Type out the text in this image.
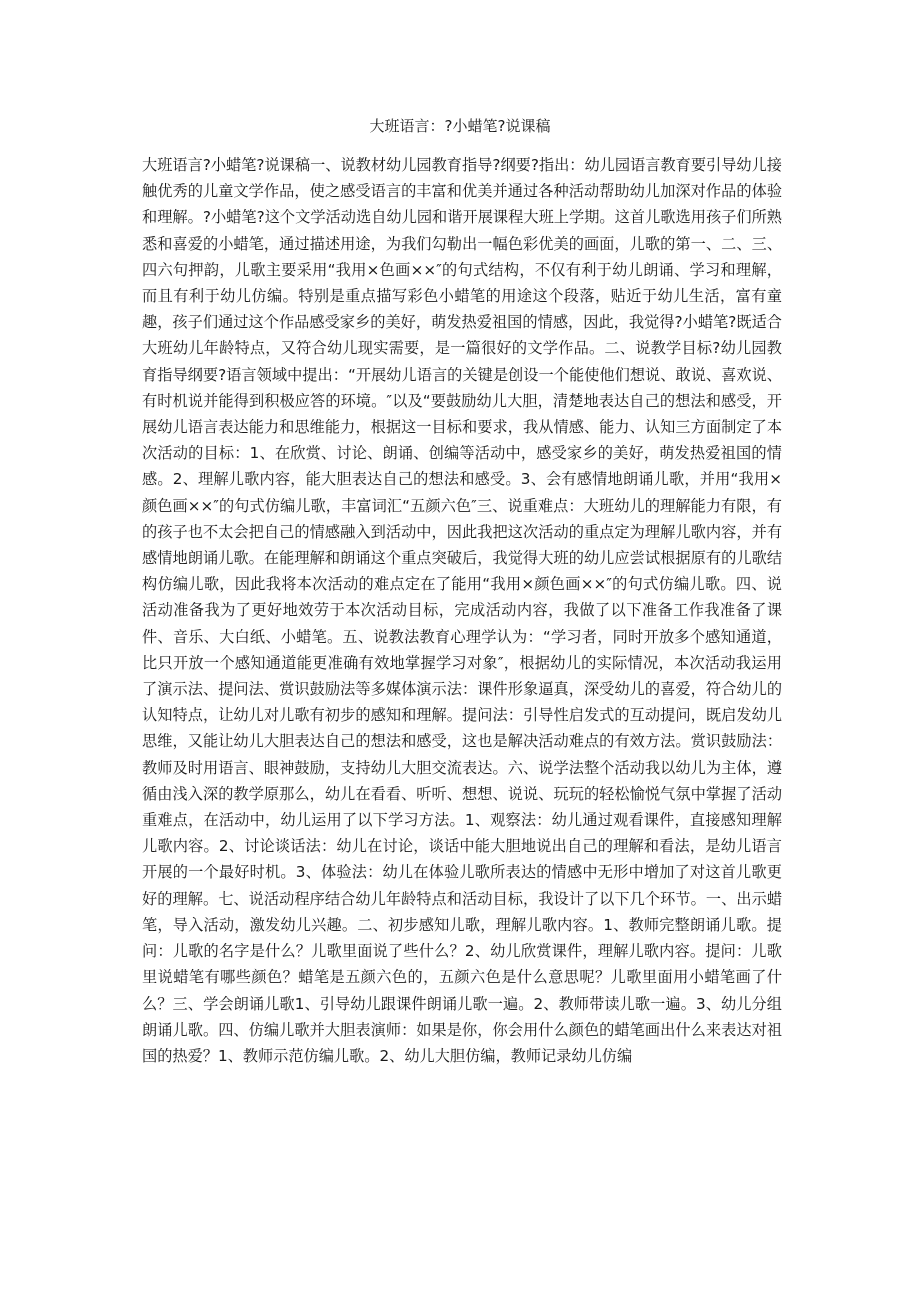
大班语言：?小蜡笔?说课稿

大班语言?小蜡笔?说课稿一、说教材幼儿园教育指导?纲要?指出：幼儿园语言教育要引导幼儿接触优秀的儿童文学作品，使之感受语言的丰富和优美并通过各种活动帮助幼儿加深对作品的体验和理解。?小蜡笔?这个文学活动选自幼儿园和谐开展课程大班上学期。这首儿歌选用孩子们所熟悉和喜爱的小蜡笔，通过描述用途，为我们勾勒出一幅色彩优美的画面，儿歌的第一、二、三、四六句押韵，儿歌主要采用“我用×色画××″的句式结构，不仅有利于幼儿朗诵、学习和理解，而且有利于幼儿仿编。特别是重点描写彩色小蜡笔的用途这个段落，贴近于幼儿生活，富有童趣，孩子们通过这个作品感受家乡的美好，萌发热爱祖国的情感，因此，我觉得?小蜡笔?既适合大班幼儿年龄特点，又符合幼儿现实需要，是一篇很好的文学作品。二、说教学目标?幼儿园教育指导纲要?语言领域中提出：“开展幼儿语言的关键是创设一个能使他们想说、敢说、喜欢说、有时机说并能得到积极应答的环境。″以及“要鼓励幼儿大胆，清楚地表达自己的想法和感受，开展幼儿语言表达能力和思维能力，根据这一目标和要求，我从情感、能力、认知三方面制定了本次活动的目标：1、在欣赏、讨论、朗诵、创编等活动中，感受家乡的美好，萌发热爱祖国的情感。2、理解儿歌内容，能大胆表达自己的想法和感受。3、会有感情地朗诵儿歌，并用“我用×颜色画××″的句式仿编儿歌，丰富词汇“五颜六色″三、说重难点：大班幼儿的理解能力有限，有的孩子也不太会把自己的情感融入到活动中，因此我把这次活动的重点定为理解儿歌内容，并有感情地朗诵儿歌。在能理解和朗诵这个重点突破后，我觉得大班的幼儿应尝试根据原有的儿歌结构仿编儿歌，因此我将本次活动的难点定在了能用“我用×颜色画××″的句式仿编儿歌。四、说活动准备我为了更好地效劳于本次活动目标，完成活动内容，我做了以下准备工作我准备了课件、音乐、大白纸、小蜡笔。五、说教法教育心理学认为：“学习者，同时开放多个感知通道，比只开放一个感知通道能更准确有效地掌握学习对象″，根据幼儿的实际情况，本次活动我运用了演示法、提问法、赏识鼓励法等多媒体演示法：课件形象逼真，深受幼儿的喜爱，符合幼儿的认知特点，让幼儿对儿歌有初步的感知和理解。提问法：引导性启发式的互动提问，既启发幼儿思维，又能让幼儿大胆表达自己的想法和感受，这也是解决活动难点的有效方法。赏识鼓励法：教师及时用语言、眼神鼓励，支持幼儿大胆交流表达。六、说学法整个活动我以幼儿为主体，遵循由浅入深的教学原那么，幼儿在看看、听听、想想、说说、玩玩的轻松愉悦气氛中掌握了活动重难点，在活动中，幼儿运用了以下学习方法。1、观察法：幼儿通过观看课件，直接感知理解儿歌内容。2、讨论谈话法：幼儿在讨论，谈话中能大胆地说出自己的理解和看法，是幼儿语言开展的一个最好时机。3、体验法：幼儿在体验儿歌所表达的情感中无形中增加了对这首儿歌更好的理解。七、说活动程序结合幼儿年龄特点和活动目标，我设计了以下几个环节。一、出示蜡笔，导入活动，激发幼儿兴趣。二、初步感知儿歌，理解儿歌内容。1、教师完整朗诵儿歌。提问：儿歌的名字是什么？儿歌里面说了些什么？2、幼儿欣赏课件，理解儿歌内容。提问：儿歌里说蜡笔有哪些颜色？蜡笔是五颜六色的，五颜六色是什么意思呢？儿歌里面用小蜡笔画了什么？三、学会朗诵儿歌1、引导幼儿跟课件朗诵儿歌一遍。2、教师带读儿歌一遍。3、幼儿分组朗诵儿歌。四、仿编儿歌并大胆表演师：如果是你，你会用什么颜色的蜡笔画出什么来表达对祖国的热爱？1、教师示范仿编儿歌。2、幼儿大胆仿编，教师记录幼儿仿编
